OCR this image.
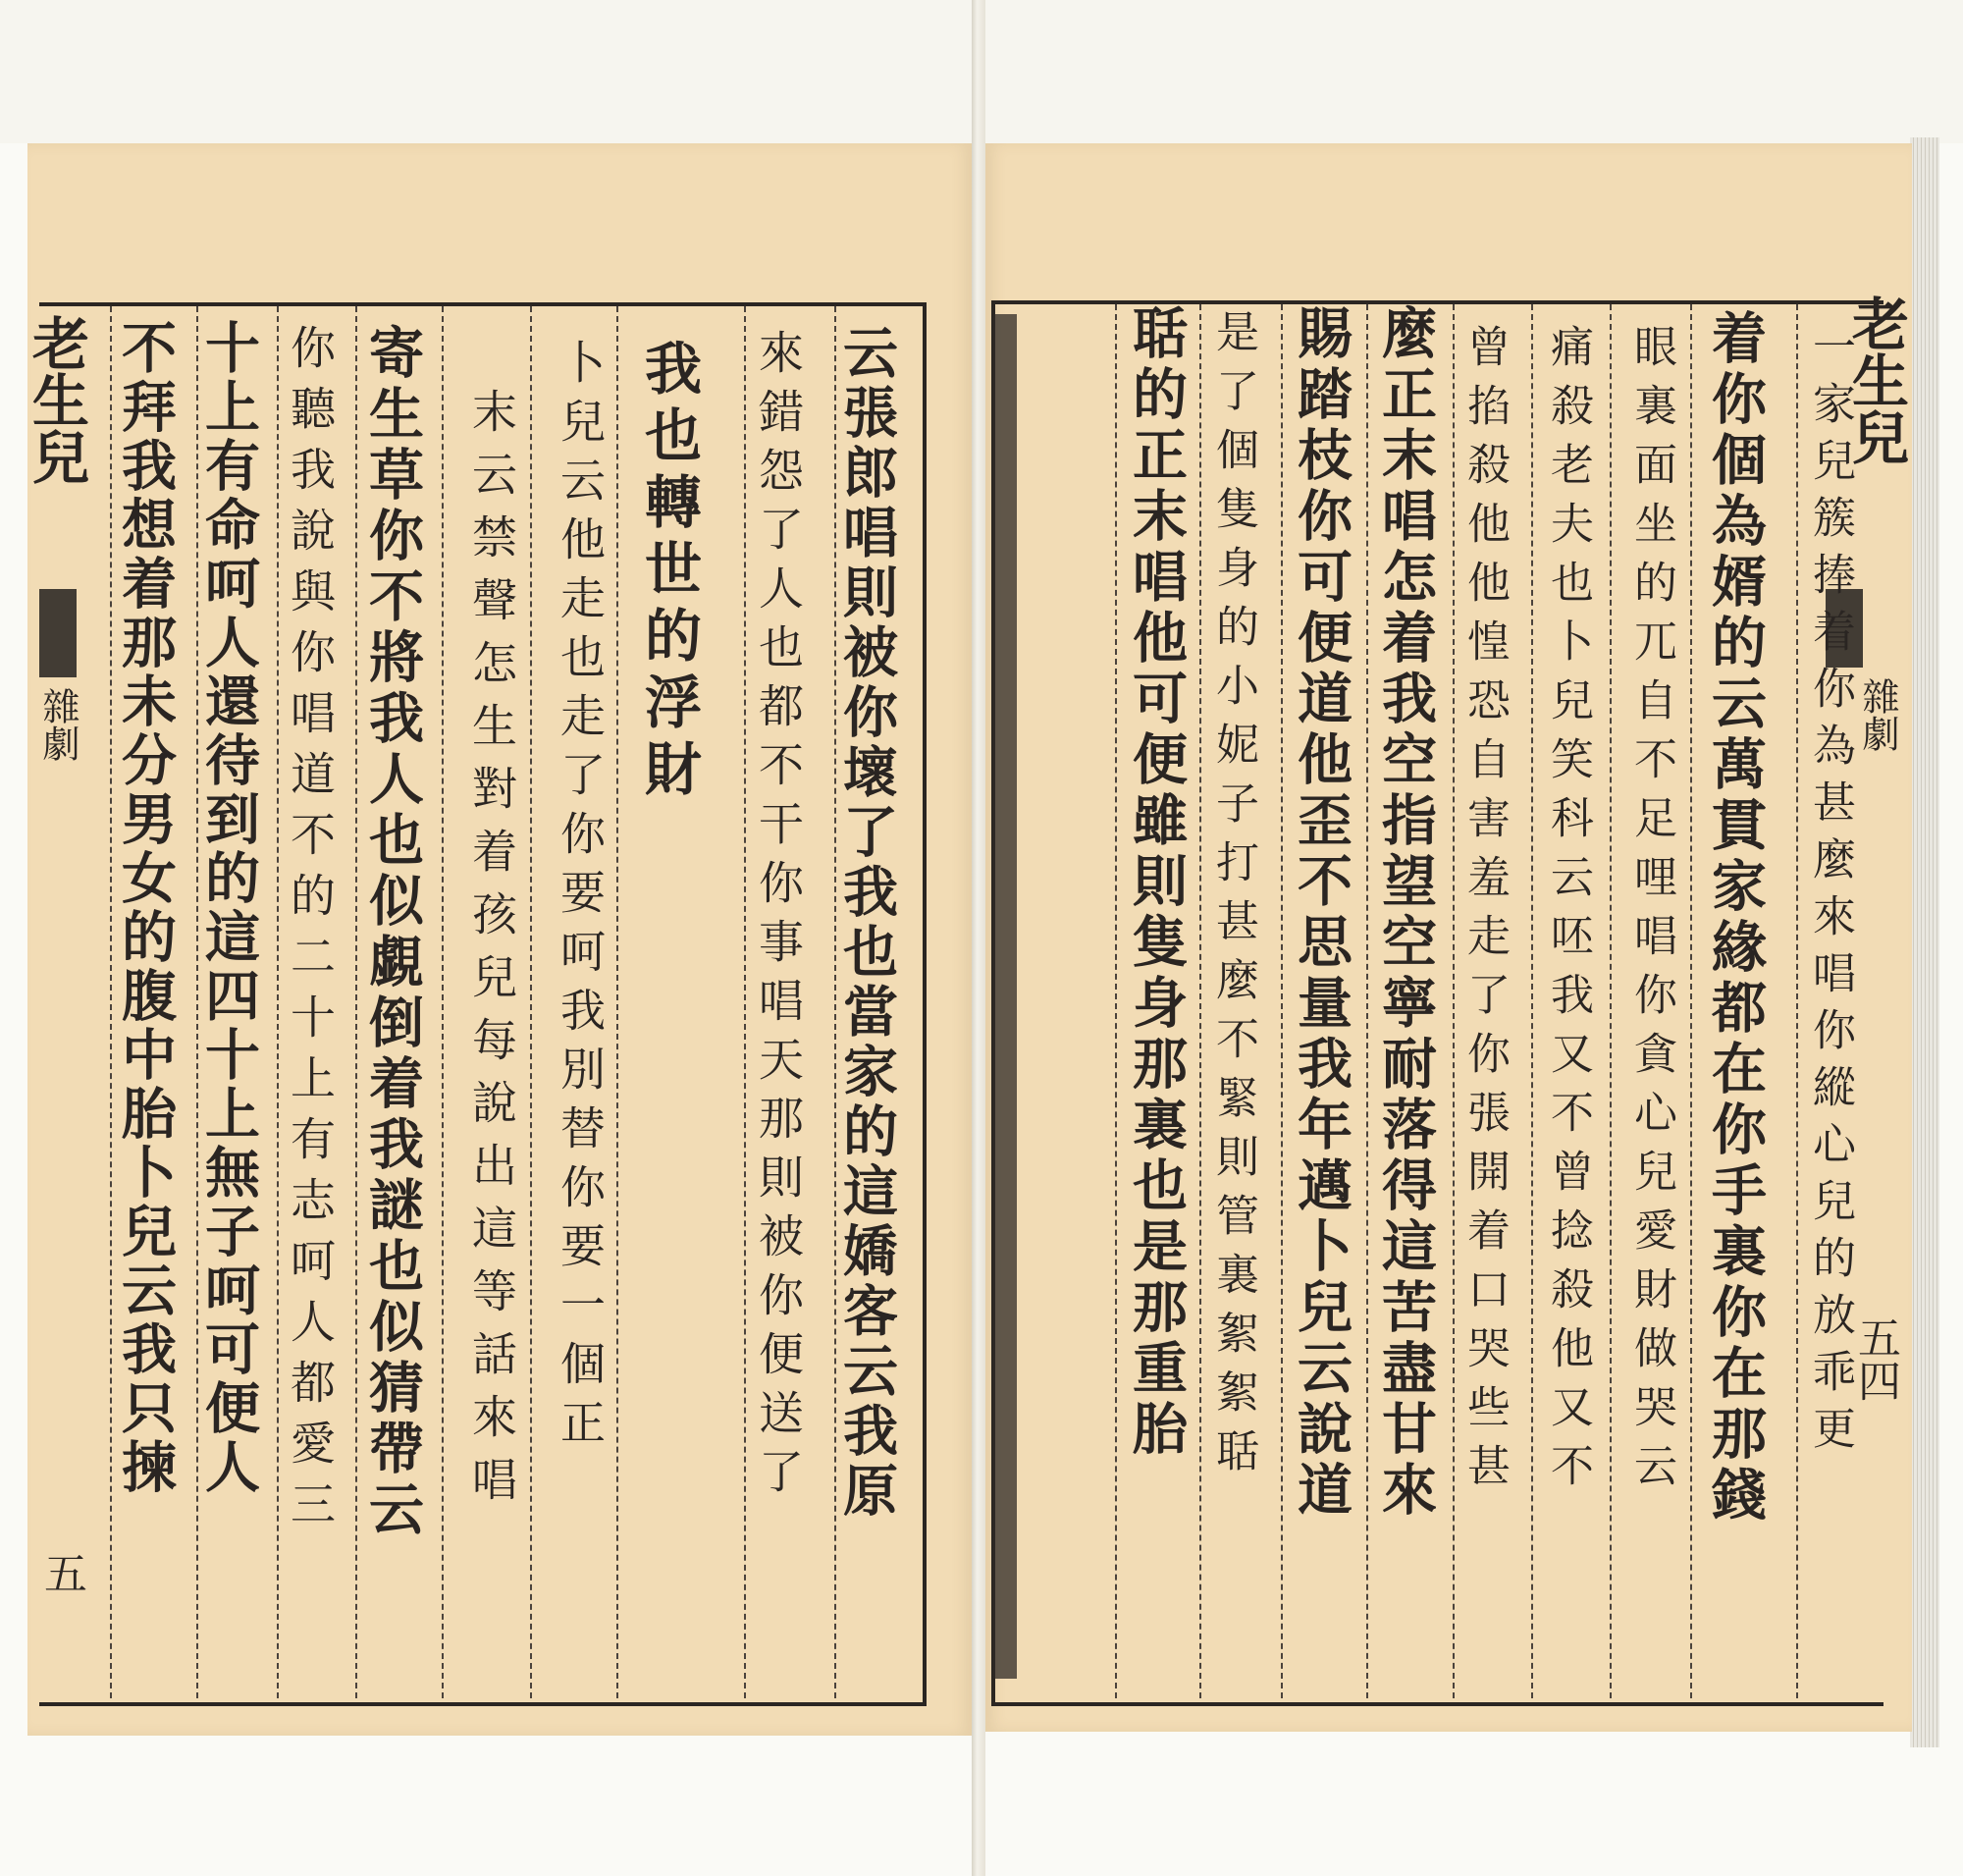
老生兒
雜劇
五
云張郎唱則被你壞了我也當家的這嬌客云我原
來錯怨了人也都不干你事唱天那則被你便送了
我也轉世的浮財
卜兒云他走也走了你要呵我別替你要一個正
末云禁聲怎生對着孩兒每說出這等話來唱
寄生草你不將我人也似覷倒着我謎也似猜帶云
你聽我說與你唱道不的二十上有志呵人都愛三
十上有命呵人還待到的這四十上無子呵可便人
不拜我想着那未分男女的腹中胎卜兒云我只揀	老生兒
雜劇
五四
一家兒簇捧着你為甚麼來唱你縱心兒的放乖更
着你個為婿的云萬貫家緣都在你手裏你在那錢
眼裏面坐的兀自不足哩唱你貪心兒愛財做哭云
痛殺老夫也卜兒笑科云呸我又不曾捻殺他又不
曾掐殺他他惶恐自害羞走了你張開着口哭些甚
麼正末唱怎着我空指望空寧耐落得這苦盡甘來
賜踏枝你可便道他歪不思量我年邁卜兒云說道
是了個隻身的小妮子打甚麼不緊則管裏絮絮聒
聒的正末唱他可便雖則隻身那裏也是那重胎
